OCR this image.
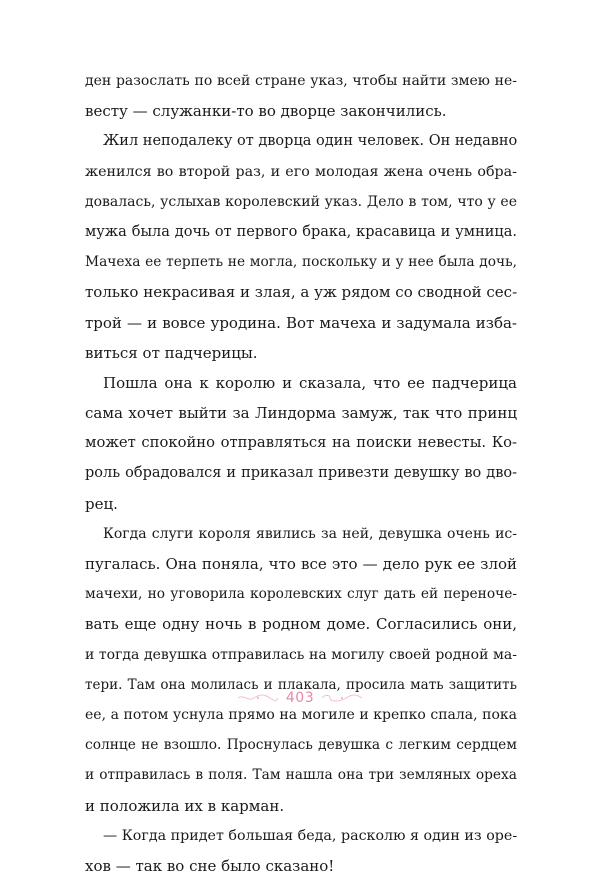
ден разослать по всей стране указ, чтобы найти змею не-
весту — служанки-то во дворце закончились.
Жил неподалеку от дворца один человек. Он недавно
женился во второй раз, и его молодая жена очень обра-
довалась, услыхав королевский указ. Дело в том, что у ее
мужа была дочь от первого брака, красавица и умница.
Мачеха ее терпеть не могла, поскольку и у нее была дочь,
только некрасивая и злая, а уж рядом со сводной сес-
трой — и вовсе уродина. Вот мачеха и задумала изба-
виться от падчерицы.
Пошла она к королю и сказала, что ее падчерица
сама хочет выйти за Линдорма замуж, так что принц
может спокойно отправляться на поиски невесты. Ко-
роль обрадовался и приказал привезти девушку во дво-
рец.
Когда слуги короля явились за ней, девушка очень ис-
пугалась. Она поняла, что все это — дело рук ее злой
мачехи, но уговорила королевских слуг дать ей переноче-
вать еще одну ночь в родном доме. Согласились они,
и тогда девушка отправилась на могилу своей родной ма-
тери. Там она молилась и плакала, просила мать защитить
ее, а потом уснула прямо на могиле и крепко спала, пока
солнце не взошло. Проснулась девушка с легким сердцем
и отправилась в поля. Там нашла она три земляных ореха
и положила их в карман.
— Когда придет большая беда, расколю я один из оре-
хов — так во сне было сказано!
403
